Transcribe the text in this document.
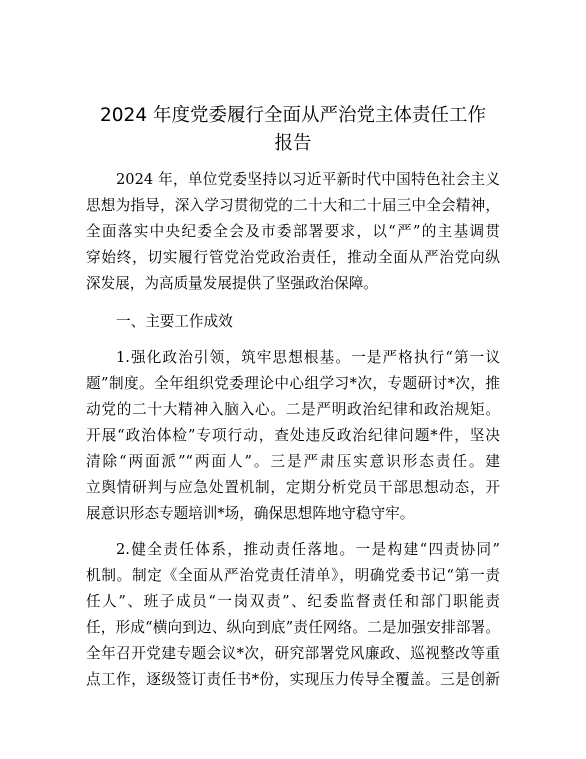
2024 年度党委履行全面从严治党主体责任工作
报告
2024 年，单位党委坚持以习近平新时代中国特色社会主义
思想为指导，深入学习贯彻党的二十大和二十届三中全会精神，
全面落实中央纪委全会及市委部署要求，以“严”的主基调贯
穿始终，切实履行管党治党政治责任，推动全面从严治党向纵
深发展，为高质量发展提供了坚强政治保障。
一、主要工作成效
1.强化政治引领，筑牢思想根基。一是严格执行“第一议
题”制度。全年组织党委理论中心组学习*次，专题研讨*次，推
动党的二十大精神入脑入心。二是严明政治纪律和政治规矩。
开展“政治体检”专项行动，查处违反政治纪律问题*件，坚决
清除“两面派”“两面人”。三是严肃压实意识形态责任。建
立舆情研判与应急处置机制，定期分析党员干部思想动态，开
展意识形态专题培训*场，确保思想阵地守稳守牢。
2.健全责任体系，推动责任落地。一是构建“四责协同”
机制。制定《全面从严治党责任清单》，明确党委书记“第一责
任人”、班子成员“一岗双责”、纪委监督责任和部门职能责
任，形成“横向到边、纵向到底”责任网络。二是加强安排部署。
全年召开党建专题会议*次，研究部署党风廉政、巡视整改等重
点工作，逐级签订责任书*份，实现压力传导全覆盖。三是创新
